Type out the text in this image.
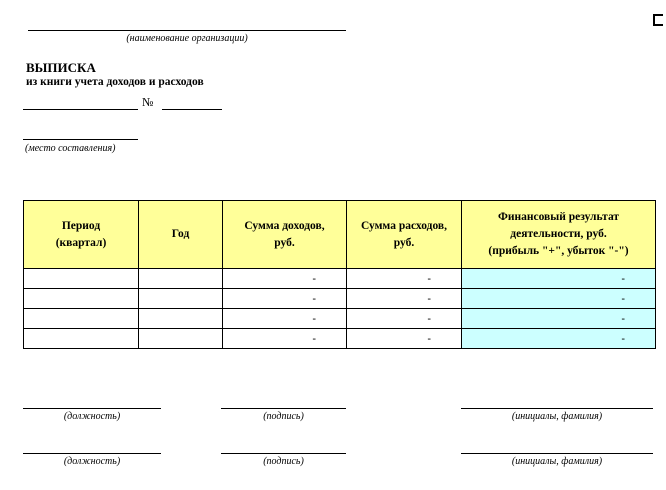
(наименование организации)
ВЫПИСКА
из книги учета доходов и расходов
№
(место составления)
Период (квартал)	Год	Сумма доходов, руб.	Сумма расходов, руб.	Финансовый результат деятельности, руб. (прибыль "+", убыток "-")
		-	-	-
		-	-	-
		-	-	-
		-	-	-
(должность)	(подпись)	(инициалы, фамилия)
(должность)	(подпись)	(инициалы, фамилия)
